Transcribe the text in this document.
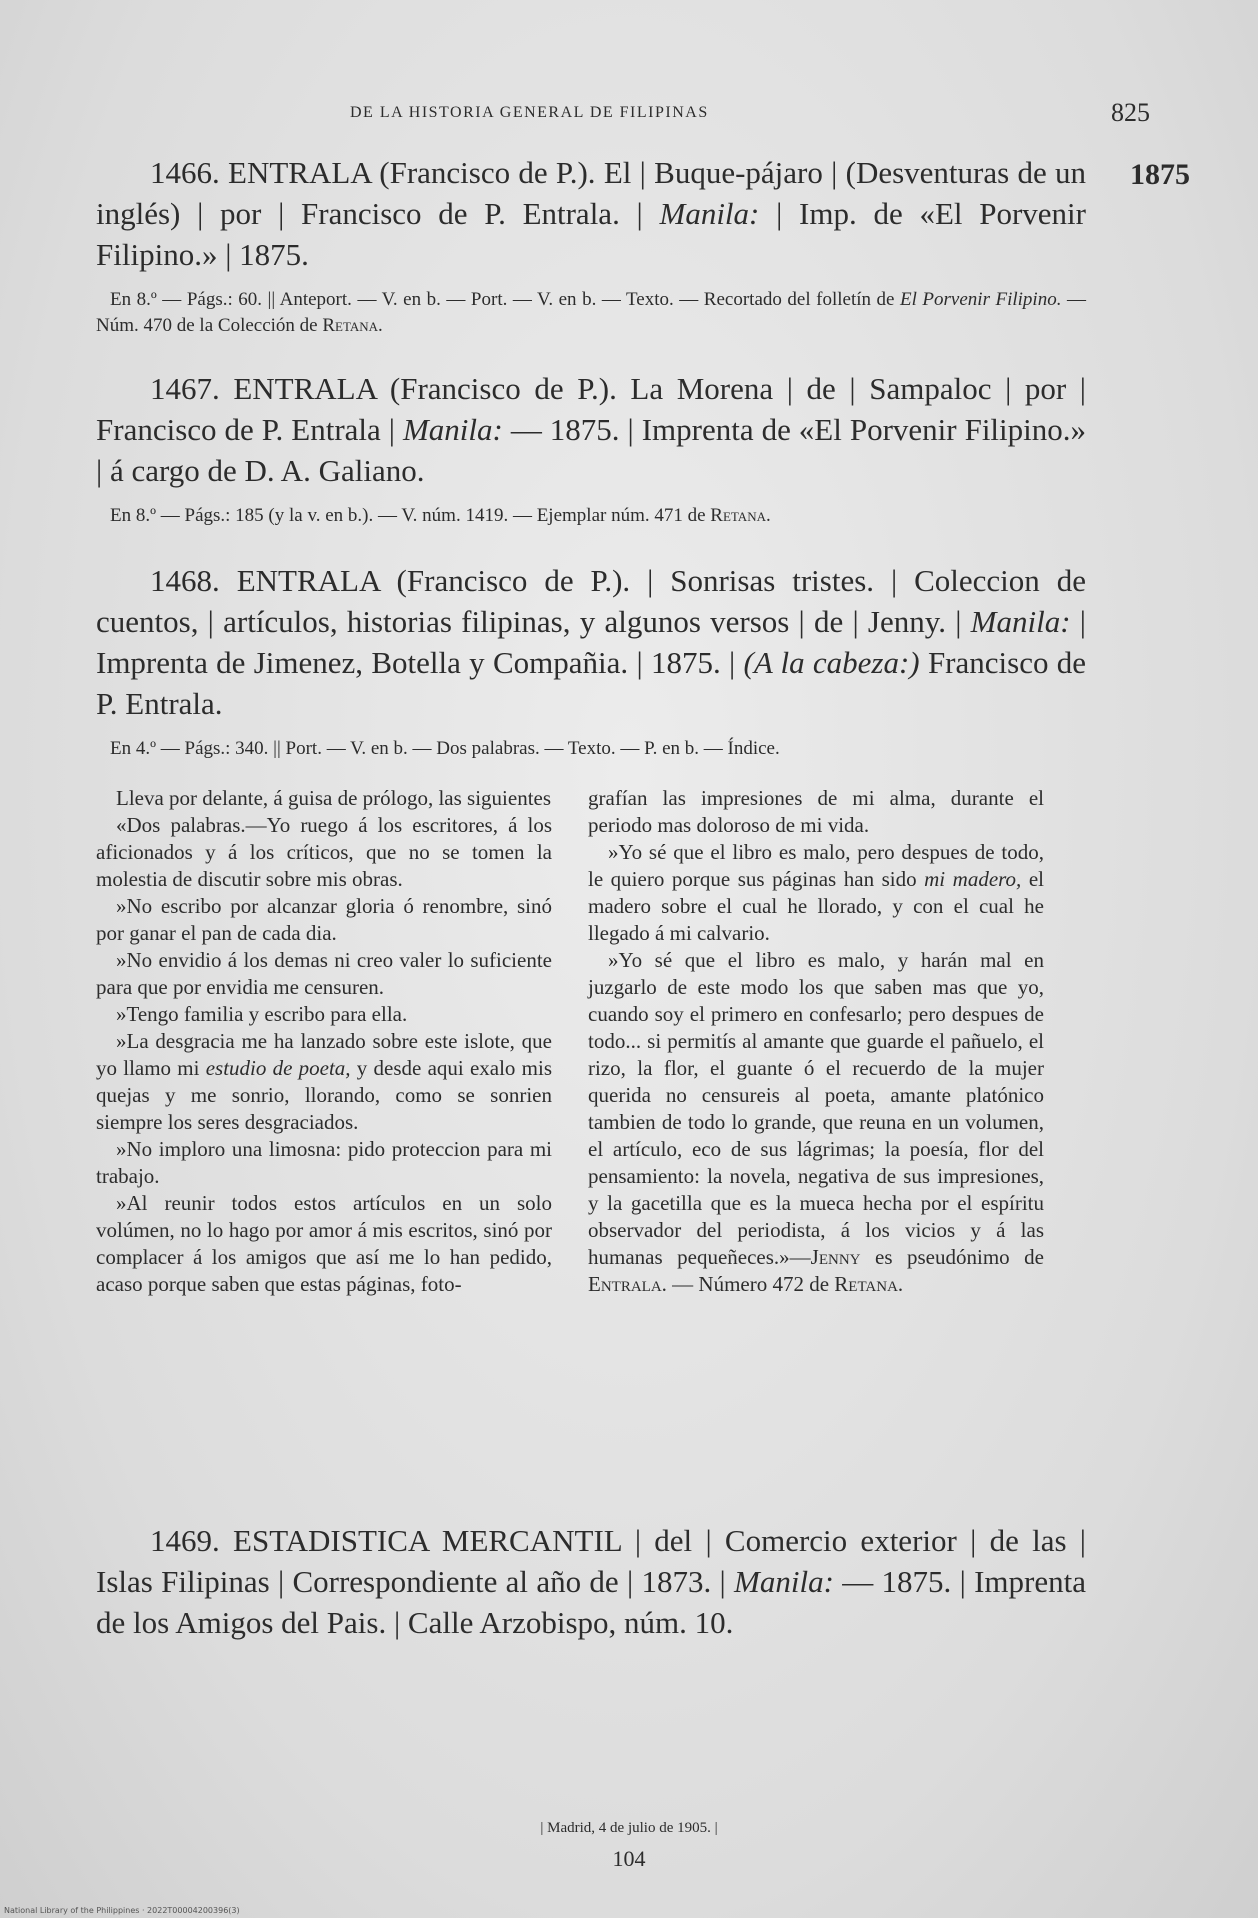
DE LA HISTORIA GENERAL DE FILIPINAS	825
1875

1466. ENTRALA (Francisco de P.). El | Buque-pájaro | (Desventuras de un inglés) | por | Francisco de P. Entrala. | Manila: | Imp. de «El Porvenir Filipino.» | 1875.

En 8.º — Págs.: 60. || Anteport. — V. en b. — Port. — V. en b. — Texto. — Recortado del folletín de El Porvenir Filipino. — Núm. 470 de la Colección de Retana.

1467. ENTRALA (Francisco de P.). La Morena | de | Sampaloc | por | Francisco de P. Entrala | Manila: — 1875. | Imprenta de «El Porvenir Filipino.» | á cargo de D. A. Galiano.

En 8.º — Págs.: 185 (y la v. en b.). — V. núm. 1419. — Ejemplar núm. 471 de Retana.

1468. ENTRALA (Francisco de P.). | Sonrisas tristes. | Coleccion de cuentos, | artículos, historias filipinas, y algunos versos | de | Jenny. | Manila: | Imprenta de Jimenez, Botella y Compañia. | 1875. | (A la cabeza:) Francisco de P. Entrala.

En 4.º — Págs.: 340. || Port. — V. en b. — Dos palabras. — Texto. — P. en b. — Índice.

Lleva por delante, á guisa de prólogo, las siguientes

«Dos palabras.—Yo ruego á los escritores, á los aficionados y á los críticos, que no se tomen la molestia de discutir sobre mis obras.

»No escribo por alcanzar gloria ó renombre, sinó por ganar el pan de cada dia.

»No envidio á los demas ni creo valer lo suficiente para que por envidia me censuren.

»Tengo familia y escribo para ella.

»La desgracia me ha lanzado sobre este islote, que yo llamo mi estudio de poeta, y desde aqui exalo mis quejas y me sonrio, llorando, como se sonrien siempre los seres desgraciados.

»No imploro una limosna: pido proteccion para mi trabajo.

»Al reunir todos estos artículos en un solo volúmen, no lo hago por amor á mis escritos, sinó por complacer á los amigos que así me lo han pedido, acaso porque saben que estas páginas, foto-

grafían las impresiones de mi alma, durante el periodo mas doloroso de mi vida.

»Yo sé que el libro es malo, pero despues de todo, le quiero porque sus páginas han sido mi madero, el madero sobre el cual he llorado, y con el cual he llegado á mi calvario.

»Yo sé que el libro es malo, y harán mal en juzgarlo de este modo los que saben mas que yo, cuando soy el primero en confesarlo; pero despues de todo... si permitís al amante que guarde el pañuelo, el rizo, la flor, el guante ó el recuerdo de la mujer querida no censureis al poeta, amante platónico tambien de todo lo grande, que reuna en un volumen, el artículo, eco de sus lágrimas; la poesía, flor del pensamiento: la novela, negativa de sus impresiones, y la gacetilla que es la mueca hecha por el espíritu observador del periodista, á los vicios y á las humanas pequeñeces.»—Jenny es pseudónimo de Entrala. — Número 472 de Retana.

1469. ESTADISTICA MERCANTIL | del | Comercio exterior | de las | Islas Filipinas | Correspondiente al año de | 1873. | Manila: — 1875. | Imprenta de los Amigos del Pais. | Calle Arzobispo, núm. 10.

| Madrid, 4 de julio de 1905. |
104
National Library of the Philippines · 2022T00004200396(3)
